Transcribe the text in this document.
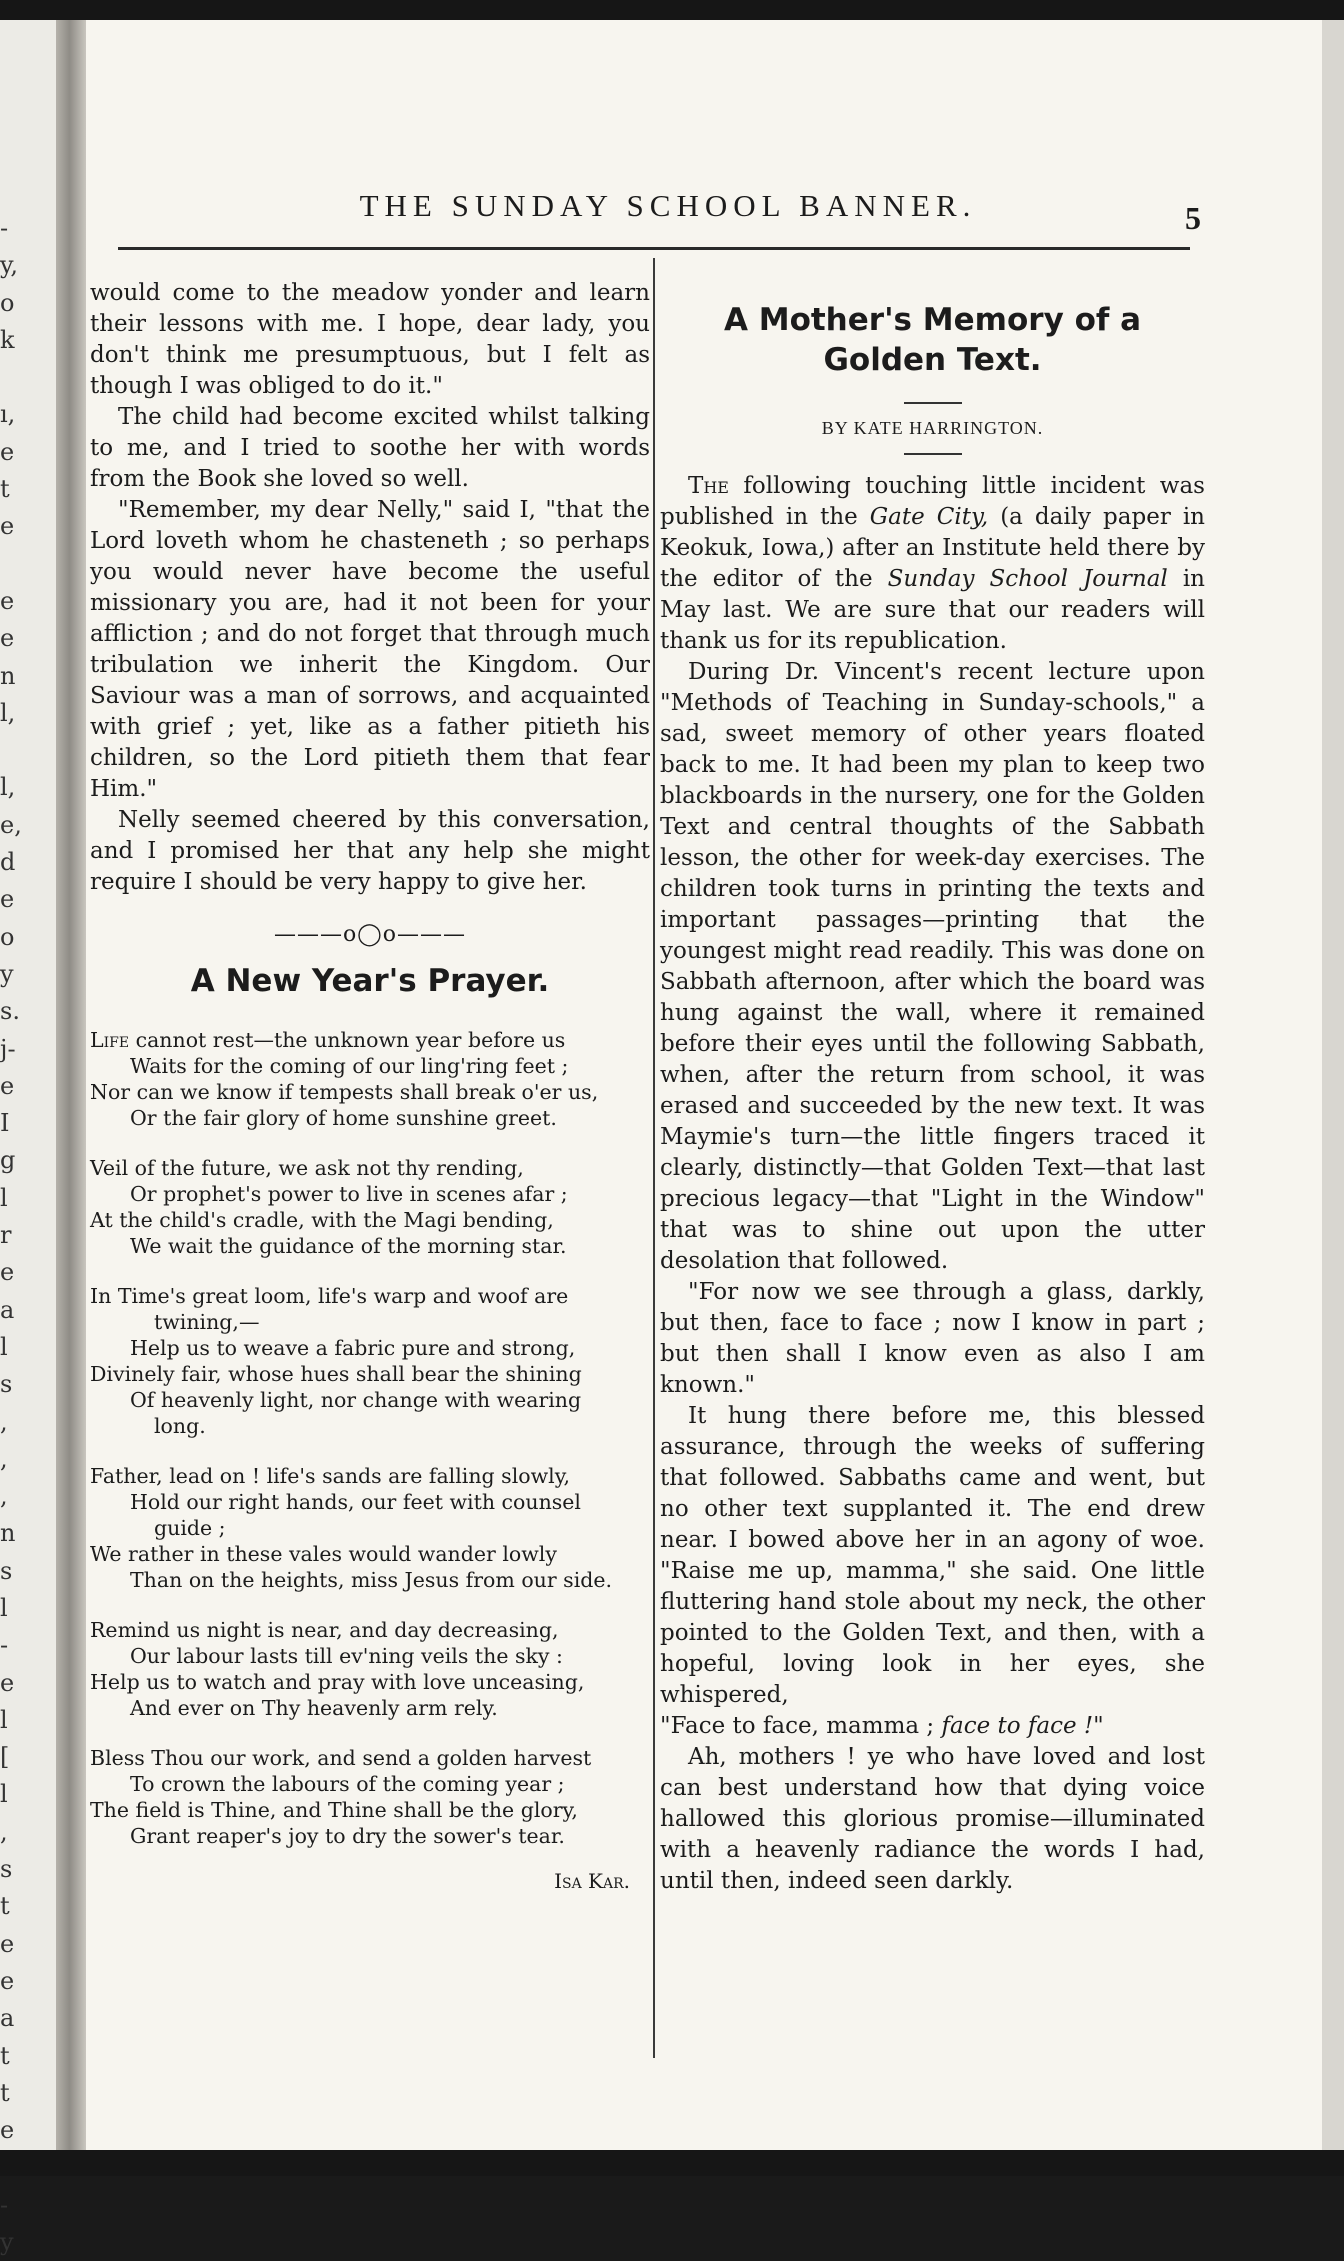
-
y,
o
k
ı,
e
t
e
e
e
n
l,
l,
e,
d
e
o
y
s.
j-
e
I
g
l
r
e
a
l
s
,
,
,
n
s
l
-
e
l
[
l
,
s
t
e
e
a
t
t
e
-
y
THE SUNDAY SCHOOL BANNER.	5

would come to the meadow yonder and learn their lessons with me. I hope, dear lady, you don't think me presumptuous, but I felt as though I was obliged to do it."

The child had become excited whilst talking to me, and I tried to soothe her with words from the Book she loved so well.

"Remember, my dear Nelly," said I, "that the Lord loveth whom he chasteneth ; so perhaps you would never have become the useful missionary you are, had it not been for your affliction ; and do not forget that through much tribulation we inherit the Kingdom. Our Saviour was a man of sorrows, and acquainted with grief ; yet, like as a father pitieth his children, so the Lord pitieth them that fear Him."

Nelly seemed cheered by this conversation, and I promised her that any help she might require I should be very happy to give her.

———o◯o———
A New Year's Prayer.
Life cannot rest—the unknown year before us
Waits for the coming of our ling'ring feet ;
Nor can we know if tempests shall break o'er us,
Or the fair glory of home sunshine greet.
Veil of the future, we ask not thy rending,
Or prophet's power to live in scenes afar ;
At the child's cradle, with the Magi bending,
We wait the guidance of the morning star.
In Time's great loom, life's warp and woof are
twining,—
Help us to weave a fabric pure and strong,
Divinely fair, whose hues shall bear the shining
Of heavenly light, nor change with wearing
long.
Father, lead on ! life's sands are falling slowly,
Hold our right hands, our feet with counsel
guide ;
We rather in these vales would wander lowly
Than on the heights, miss Jesus from our side.
Remind us night is near, and day decreasing,
Our labour lasts till ev'ning veils the sky :
Help us to watch and pray with love unceasing,
And ever on Thy heavenly arm rely.
Bless Thou our work, and send a golden harvest
To crown the labours of the coming year ;
The field is Thine, and Thine shall be the glory,
Grant reaper's joy to dry the sower's tear.
Isa Kar.
A Mother's Memory of a Golden Text.
BY KATE HARRINGTON.

The following touching little incident was published in the Gate City, (a daily paper in Keokuk, Iowa,) after an Institute held there by the editor of the Sunday School Journal in May last. We are sure that our readers will thank us for its republication.

During Dr. Vincent's recent lecture upon "Methods of Teaching in Sunday-schools," a sad, sweet memory of other years floated back to me. It had been my plan to keep two blackboards in the nursery, one for the Golden Text and central thoughts of the Sabbath lesson, the other for week-day exercises. The children took turns in printing the texts and important passages—printing that the youngest might read readily. This was done on Sabbath afternoon, after which the board was hung against the wall, where it remained before their eyes until the following Sabbath, when, after the return from school, it was erased and succeeded by the new text. It was Maymie's turn—the little fingers traced it clearly, distinctly—that Golden Text—that last precious legacy—that "Light in the Window" that was to shine out upon the utter desolation that followed.

"For now we see through a glass, darkly, but then, face to face ; now I know in part ; but then shall I know even as also I am known."

It hung there before me, this blessed assurance, through the weeks of suffering that followed. Sabbaths came and went, but no other text supplanted it. The end drew near. I bowed above her in an agony of woe. "Raise me up, mamma," she said. One little fluttering hand stole about my neck, the other pointed to the Golden Text, and then, with a hopeful, loving look in her eyes, she whispered,

"Face to face, mamma ; face to face !"

Ah, mothers ! ye who have loved and lost can best understand how that dying voice hallowed this glorious promise—illuminated with a heavenly radiance the words I had, until then, indeed seen darkly.
